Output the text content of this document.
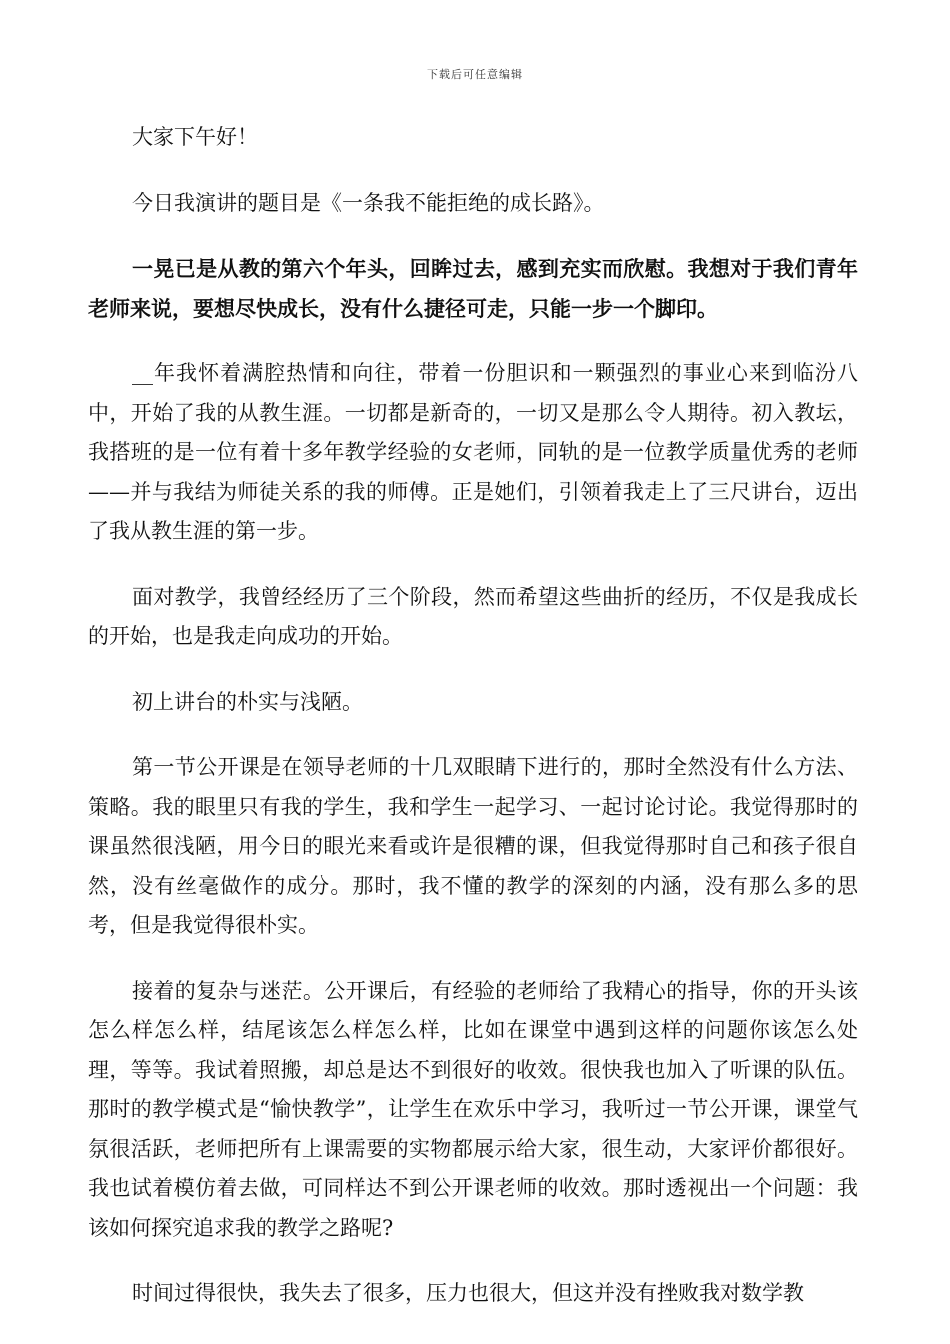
下载后可任意编辑

大家下午好！

今日我演讲的题目是《一条我不能拒绝的成长路》。

一晃已是从教的第六个年头，回眸过去，感到充实而欣慰。我想对于我们青年老师来说，要想尽快成长，没有什么捷径可走，只能一步一个脚印。

__年我怀着满腔热情和向往，带着一份胆识和一颗强烈的事业心来到临汾八中，开始了我的从教生涯。一切都是新奇的，一切又是那么令人期待。初入教坛，我搭班的是一位有着十多年教学经验的女老师，同轨的是一位教学质量优秀的老师——并与我结为师徒关系的我的师傅。正是她们，引领着我走上了三尺讲台，迈出了我从教生涯的第一步。

面对教学，我曾经经历了三个阶段，然而希望这些曲折的经历，不仅是我成长的开始，也是我走向成功的开始。

初上讲台的朴实与浅陋。

第一节公开课是在领导老师的十几双眼睛下进行的，那时全然没有什么方法、策略。我的眼里只有我的学生，我和学生一起学习、一起讨论讨论。我觉得那时的课虽然很浅陋，用今日的眼光来看或许是很糟的课，但我觉得那时自己和孩子很自然，没有丝毫做作的成分。那时，我不懂的教学的深刻的内涵，没有那么多的思考，但是我觉得很朴实。

接着的复杂与迷茫。公开课后，有经验的老师给了我精心的指导，你的开头该怎么样怎么样，结尾该怎么样怎么样，比如在课堂中遇到这样的问题你该怎么处理，等等。我试着照搬，却总是达不到很好的收效。很快我也加入了听课的队伍。那时的教学模式是“愉快教学”，让学生在欢乐中学习，我听过一节公开课，课堂气氛很活跃，老师把所有上课需要的实物都展示给大家，很生动，大家评价都很好。我也试着模仿着去做，可同样达不到公开课老师的收效。那时透视出一个问题：我该如何探究追求我的教学之路呢?

时间过得很快，我失去了很多，压力也很大，但这并没有挫败我对数学教
